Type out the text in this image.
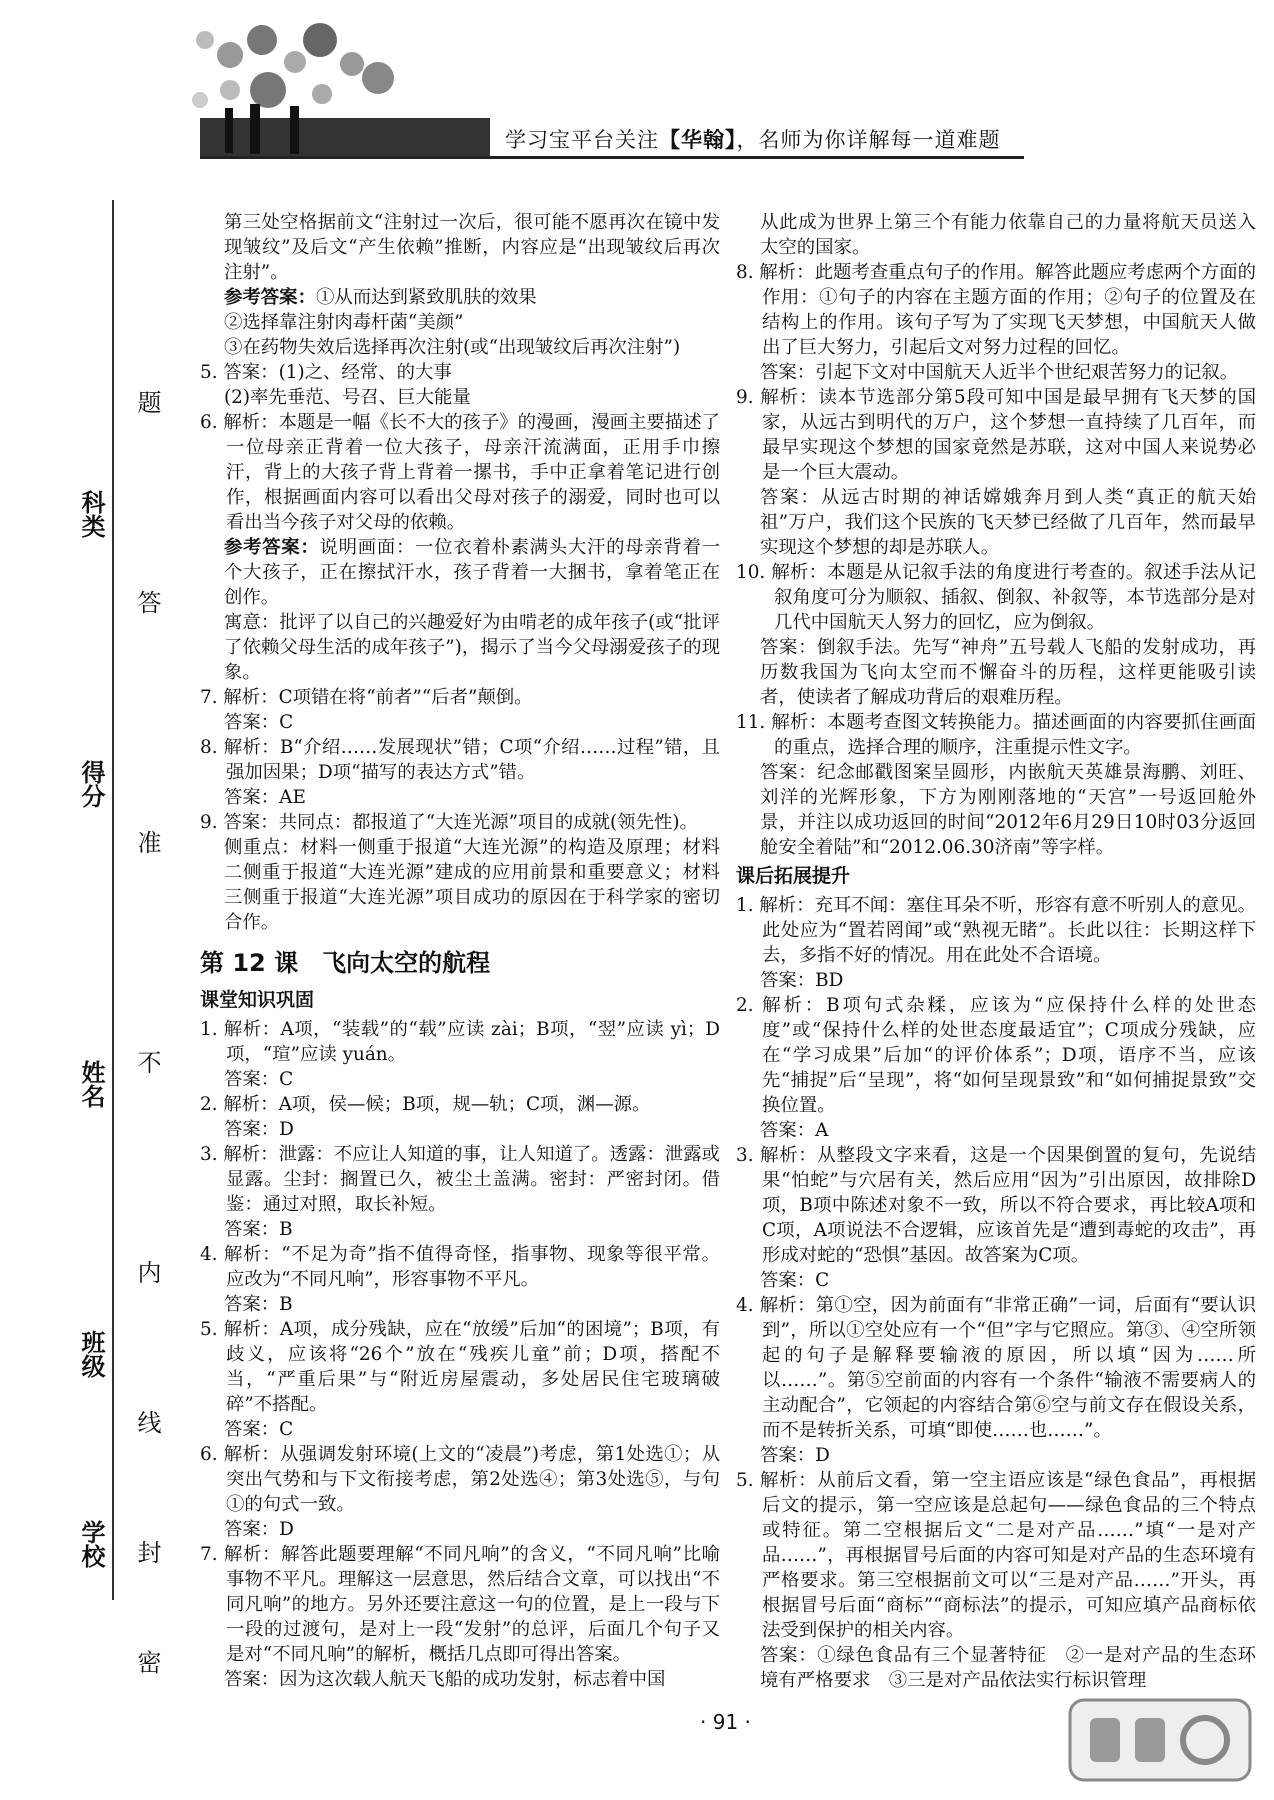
学习宝平台关注【华翰】，名师为你详解每一道难题
科类
得分
姓名
班级
学校
题
答
准
不
内
线
封
密

第三处空格据前文“注射过一次后，很可能不愿再次在镜中发现皱纹”及后文“产生依赖”推断，内容应是“出现皱纹后再次注射”。

参考答案：①从而达到紧致肌肤的效果

②选择靠注射肉毒杆菌“美颜”

③在药物失效后选择再次注射(或“出现皱纹后再次注射”)

5. 答案：(1)之、经常、的大事

(2)率先垂范、号召、巨大能量

6. 解析：本题是一幅《长不大的孩子》的漫画，漫画主要描述了一位母亲正背着一位大孩子，母亲汗流满面，正用手巾擦汗，背上的大孩子背上背着一摞书，手中正拿着笔记进行创作，根据画面内容可以看出父母对孩子的溺爱，同时也可以看出当今孩子对父母的依赖。

参考答案：说明画面：一位衣着朴素满头大汗的母亲背着一个大孩子，正在擦拭汗水，孩子背着一大捆书，拿着笔正在创作。

寓意：批评了以自己的兴趣爱好为由啃老的成年孩子(或“批评了依赖父母生活的成年孩子”)，揭示了当今父母溺爱孩子的现象。

7. 解析：C项错在将“前者”“后者”颠倒。

答案：C

8. 解析：B“介绍……发展现状”错；C项“介绍……过程”错，且强加因果；D项“描写的表达方式”错。

答案：AE

9. 答案：共同点：都报道了“大连光源”项目的成就(领先性)。

侧重点：材料一侧重于报道“大连光源”的构造及原理；材料二侧重于报道“大连光源”建成的应用前景和重要意义；材料三侧重于报道“大连光源”项目成功的原因在于科学家的密切合作。

第 12 课　飞向太空的航程

课堂知识巩固

1. 解析：A项，“装载”的“载”应读 zài；B项，“翌”应读 yì；D项，“瑄”应读 yuán。

答案：C

2. 解析：A项，侯—候；B项，规—轨；C项，渊—源。

答案：D

3. 解析：泄露：不应让人知道的事，让人知道了。透露：泄露或显露。尘封：搁置已久，被尘土盖满。密封：严密封闭。借鉴：通过对照，取长补短。

答案：B

4. 解析：“不足为奇”指不值得奇怪，指事物、现象等很平常。应改为“不同凡响”，形容事物不平凡。

答案：B

5. 解析：A项，成分残缺，应在“放缓”后加“的困境”；B项，有歧义，应该将“26个”放在“残疾儿童”前；D项，搭配不当，“严重后果”与“附近房屋震动，多处居民住宅玻璃破碎”不搭配。

答案：C

6. 解析：从强调发射环境(上文的“凌晨”)考虑，第1处选①；从突出气势和与下文衔接考虑，第2处选④；第3处选⑤，与句①的句式一致。

答案：D

7. 解析：解答此题要理解“不同凡响”的含义，“不同凡响”比喻事物不平凡。理解这一层意思，然后结合文章，可以找出“不同凡响”的地方。另外还要注意这一句的位置，是上一段与下一段的过渡句，是对上一段“发射”的总评，后面几个句子又是对“不同凡响”的解析，概括几点即可得出答案。

答案：因为这次载人航天飞船的成功发射，标志着中国

从此成为世界上第三个有能力依靠自己的力量将航天员送入太空的国家。

8. 解析：此题考查重点句子的作用。解答此题应考虑两个方面的作用：①句子的内容在主题方面的作用；②句子的位置及在结构上的作用。该句子写为了实现飞天梦想，中国航天人做出了巨大努力，引起后文对努力过程的回忆。

答案：引起下文对中国航天人近半个世纪艰苦努力的记叙。

9. 解析：读本节选部分第5段可知中国是最早拥有飞天梦的国家，从远古到明代的万户，这个梦想一直持续了几百年，而最早实现这个梦想的国家竟然是苏联，这对中国人来说势必是一个巨大震动。

答案：从远古时期的神话嫦娥奔月到人类“真正的航天始祖”万户，我们这个民族的飞天梦已经做了几百年，然而最早实现这个梦想的却是苏联人。

10. 解析：本题是从记叙手法的角度进行考查的。叙述手法从记叙角度可分为顺叙、插叙、倒叙、补叙等，本节选部分是对几代中国航天人努力的回忆，应为倒叙。

答案：倒叙手法。先写“神舟”五号载人飞船的发射成功，再历数我国为飞向太空而不懈奋斗的历程，这样更能吸引读者，使读者了解成功背后的艰难历程。

11. 解析：本题考查图文转换能力。描述画面的内容要抓住画面的重点，选择合理的顺序，注重提示性文字。

答案：纪念邮戳图案呈圆形，内嵌航天英雄景海鹏、刘旺、刘洋的光辉形象，下方为刚刚落地的“天宫”一号返回舱外景，并注以成功返回的时间“2012年6月29日10时03分返回舱安全着陆”和“2012.06.30济南”等字样。

课后拓展提升

1. 解析：充耳不闻：塞住耳朵不听，形容有意不听别人的意见。此处应为“置若罔闻”或“熟视无睹”。长此以往：长期这样下去，多指不好的情况。用在此处不合语境。

答案：BD

2. 解析：B项句式杂糅，应该为“应保持什么样的处世态度”或“保持什么样的处世态度最适宜”；C项成分残缺，应在“学习成果”后加“的评价体系”；D项，语序不当，应该先“捕捉”后“呈现”，将“如何呈现景致”和“如何捕捉景致”交换位置。

答案：A

3. 解析：从整段文字来看，这是一个因果倒置的复句，先说结果“怕蛇”与穴居有关，然后应用“因为”引出原因，故排除D项，B项中陈述对象不一致，所以不符合要求，再比较A项和C项，A项说法不合逻辑，应该首先是“遭到毒蛇的攻击”，再形成对蛇的“恐惧”基因。故答案为C项。

答案：C

4. 解析：第①空，因为前面有“非常正确”一词，后面有“要认识到”，所以①空处应有一个“但”字与它照应。第③、④空所领起的句子是解释要输液的原因，所以填“因为……所以……”。第⑤空前面的内容有一个条件“输液不需要病人的主动配合”，它领起的内容结合第⑥空与前文存在假设关系，而不是转折关系，可填“即使……也……”。

答案：D

5. 解析：从前后文看，第一空主语应该是“绿色食品”，再根据后文的提示，第一空应该是总起句——绿色食品的三个特点或特征。第二空根据后文“二是对产品……”填“一是对产品……”，再根据冒号后面的内容可知是对产品的生态环境有严格要求。第三空根据前文可以“三是对产品……”开头，再根据冒号后面“商标”“商标法”的提示，可知应填产品商标依法受到保护的相关内容。

答案：①绿色食品有三个显著特征　②一是对产品的生态环境有严格要求　③三是对产品依法实行标识管理

· 91 ·
